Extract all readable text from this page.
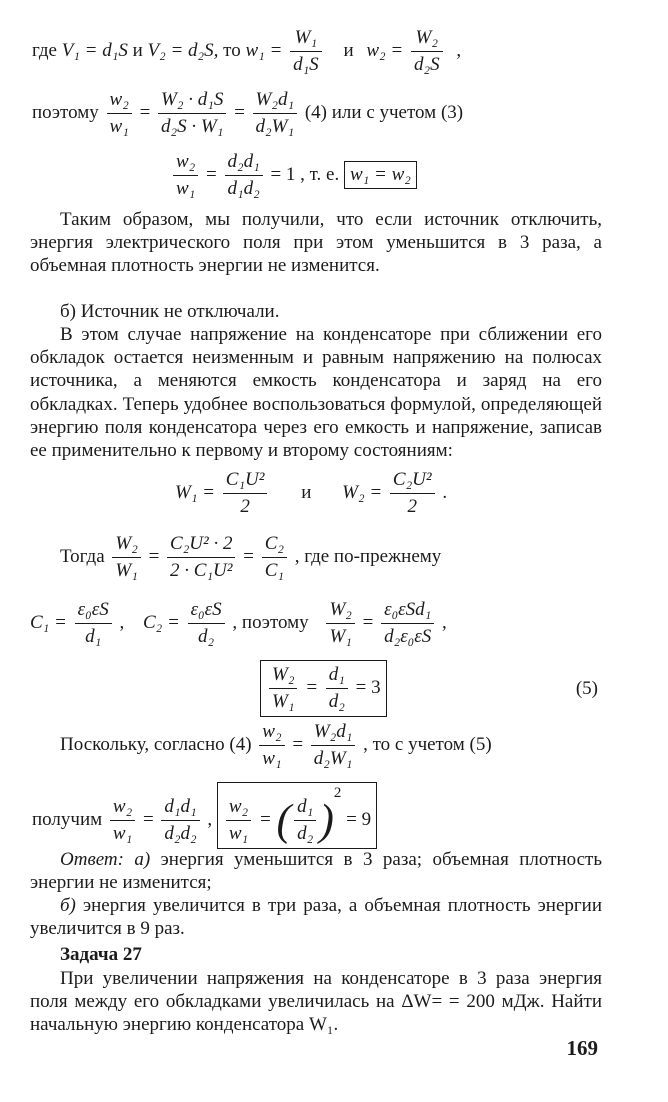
где V₁ = d₁S и V₂ = d₂S, то $w_1 = \frac{\text{W₁}}{\text{d₁S}}$ и $w_2 = \frac{\text{W₂}}{\text{d₂S}}$ ,
поэтому $\frac{\text{w₂}}{\text{w₁}} = \frac{\text{W₂ · d₁S}}{\text{d₂S · W₁}} = \frac{\text{W₂d₁}}{\text{d₂W₁}} (4)$ или с учетом (3)
$\frac{\text{w₂}}{\text{w₁}} = \frac{\text{d₂d₁}}{\text{d₁d₂}} = 1$ , т. е. w₁ = w₂
Таким образом, мы получили, что если источник отключить, энергия электрического поля при этом уменьшится в 3 раза, а объемная плотность энергии не изменится.
б) Источник не отключали.
В этом случае напряжение на конденсаторе при сближении его обкладок остается неизменным и равным напряжению на полюсах источника, а меняются емкость конденсатора и заряд на его обкладках. Теперь удобнее воспользоваться формулой, определяющей энергию поля конденсатора через его емкость и напряжение, записав ее применительно к первому и второму состояниям:
$W_1 = \frac{\text{C₁U²}}{2}$ и $W_2 = \frac{\text{C₂U²}}{2}$ .
Тогда $\frac{\text{W₂}}{\text{W₁}} = \frac{\text{C₂U² · 2}}{\text{2 · C₁U²}} = \frac{\text{C₂}}{\text{C₁}}$ , где по-прежнему
$C_1 = \frac{\text{ε₀εS}}{\text{d₁}}$ , $C_2 = \frac{\text{ε₀εS}}{\text{d₂}}$ , поэтому $\frac{\text{W₂}}{\text{W₁}} = \frac{\text{ε₀εSd₁}}{\text{d₂ε₀εS}}$ ,
$\frac{\text{W₂}}{\text{W₁}} = \frac{\text{d₁}}{\text{d₂}} = 3$	(5)
Поскольку, согласно $(4) \frac{\text{w₂}}{\text{w₁}} = \frac{\text{W₂d₁}}{\text{d₂W₁}}$ , то с учетом (5)
получим $\frac{\text{w₂}}{\text{w₁}} = \frac{\text{d₁d₁}}{\text{d₂d₂}}$ , $\frac{\text{w₂}}{\text{w₁}}$ = ( $\frac{\text{d₁}}{\text{d₂}} )^2 = 9$
Ответ: а) энергия уменьшится в 3 раза; объемная плотность энергии не изменится;
б) энергия увеличится в три раза, а объемная плотность энергии увеличится в 9 раз.
Задача 27
При увеличении напряжения на конденсаторе в 3 раза энергия поля между его обкладками увеличилась на ΔW= = 200 мДж. Найти начальную энергию конденсатора W₁.
169
